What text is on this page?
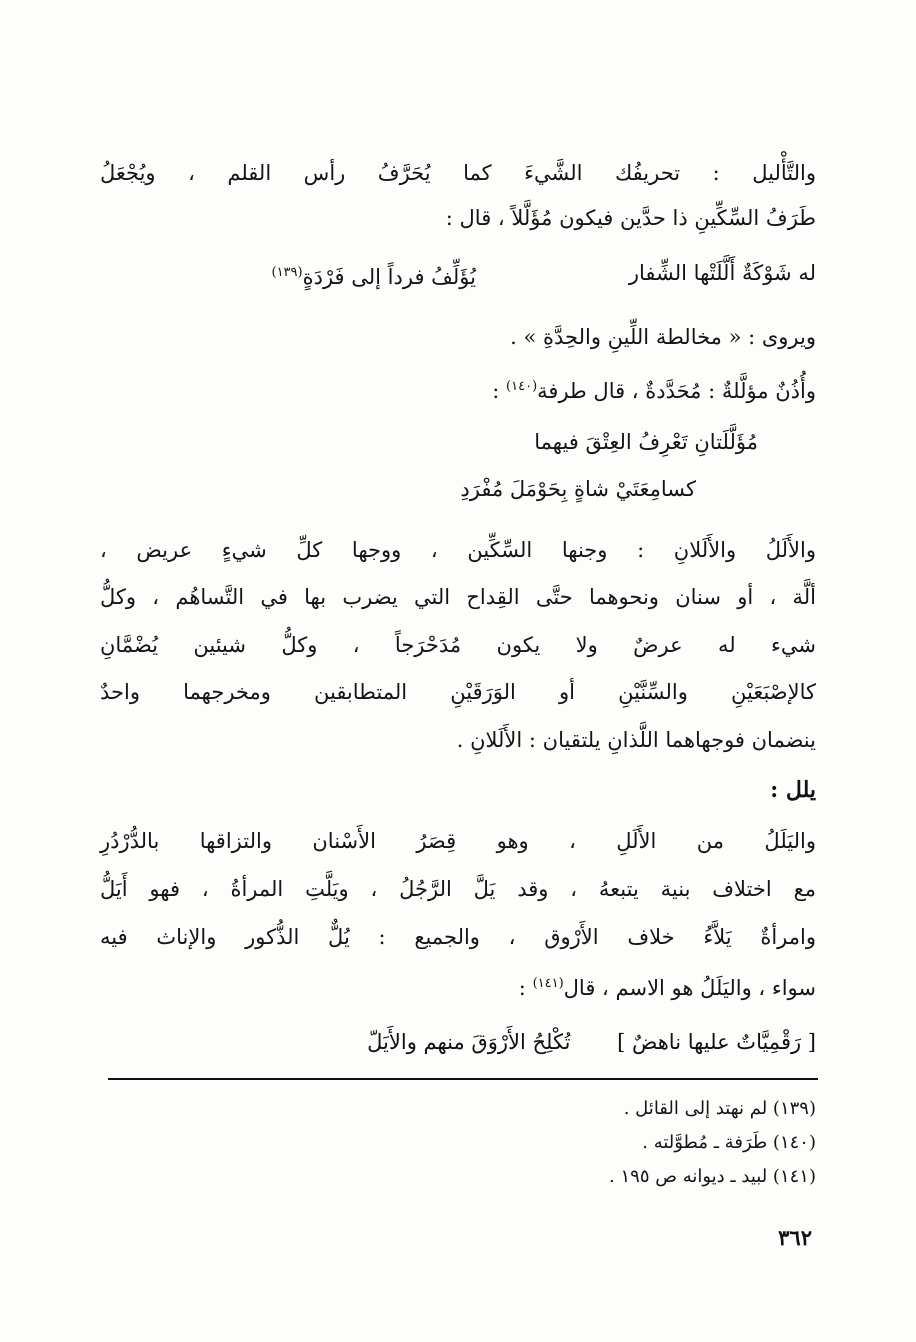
والتَّأْليل : تحريفُك الشَّيءَ كما يُحَرَّفُ رأس القلم ، ويُجْعَلُ
طَرَفُ السِّكِّينِ ذا حدَّين فيكون مُؤَلَّلاً ، قال :
له شَوْكَةٌ أَلَّلَتْها الشِّفار
يُؤَلِّفُ فرداً إلى فَرْدَةٍ$^{(١٣٩)}$
ويروى : « مخالطة اللِّينِ والحِدَّةِ » .
وأُذُنٌ مؤلَّلةٌ : مُحَدَّدةٌ ، قال طرفة$^{(١٤٠)}$ :
مُؤَلَّلَتانِ تَعْرِفُ العِتْقَ فيهما
كسامِعَتَيْ شاةٍ بِحَوْمَلَ مُفْرَدِ
والأَلَلُ والأَلَلانِ : وجنها السِّكِّين ، ووجها كلِّ شيءٍ عريض ،
ألَّة ، أو سنان ونحوهما حتَّى القِداح التي يضرب بها في التَّساهُم ، وكلُّ
شيء له عرضٌ ولا يكون مُدَحْرَجاً ، وكلُّ شيئين يُضْمَّانِ
كالإصْبَعَيْنِ والسِّنَّيْنِ أو الوَرَقَيْنِ المتطابقين ومخرجهما واحدٌ
ينضمان فوجهاهما اللَّذانِ يلتقيان : الأَلَلانِ .
يلل :
واليَلَلُ من الأَلَلِ ، وهو قِصَرُ الأَسْنان والتزاقها بالدُّرْدُرِ
مع اختلاف بنية يتبعهُ ، وقد يَلَّ الرَّجُلُ ، ويَلَّتِ المرأةُ ، فهو أَيَلُّ
وامرأةٌ يَلاَّءُ خلاف الأَرْوق ، والجميع : يُلٌّ الذُّكور والإناث فيه
سواء ، واليَلَلُ هو الاسم ، قال$^{(١٤١)}$ :
[ رَقْمِيَّاتٌ عليها ناهضٌ ] تُكْلِحُ الأَرْوَقَ منهم والأَيَلّ
(١٣٩) لم نهتد إلى القائل .
(١٤٠) طَرَفة ـ مُطوَّلته .
(١٤١) لبيد ـ ديوانه ص ١٩٥ .
٣٦٢
